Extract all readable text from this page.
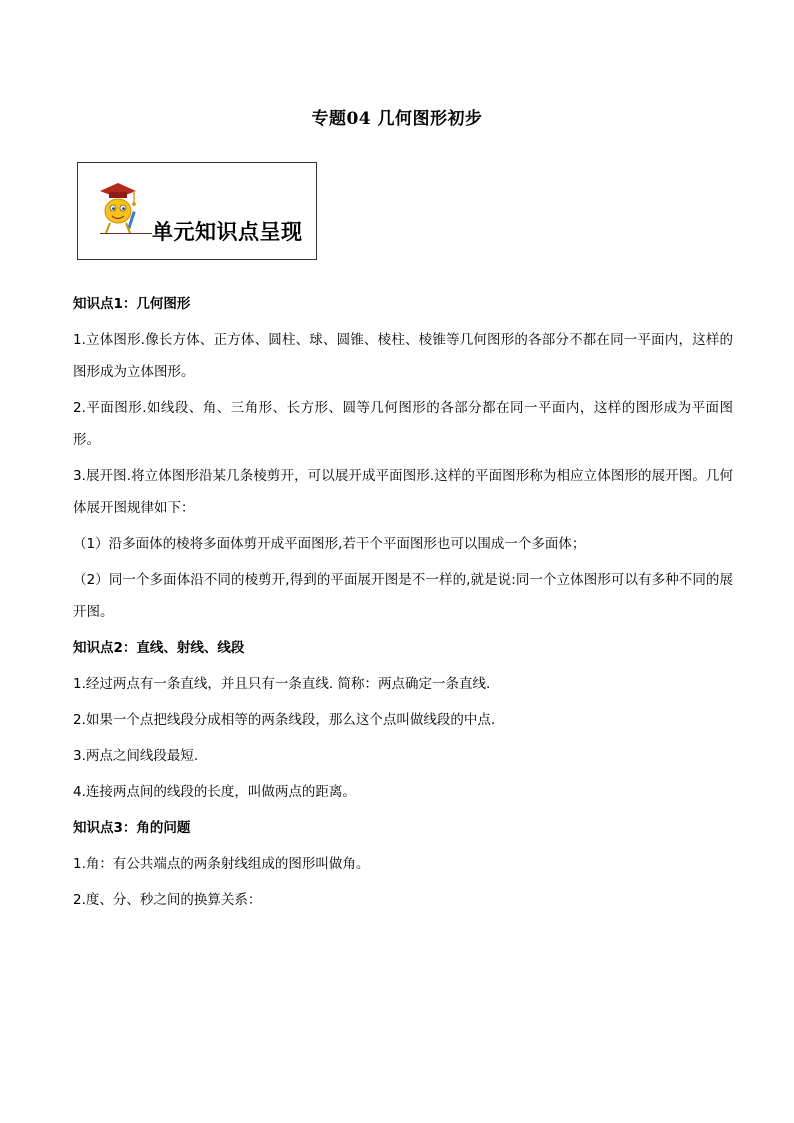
专题04 几何图形初步
单元知识点呈现
知识点1：几何图形
1.立体图形.像长方体、正方体、圆柱、球、圆锥、棱柱、棱锥等几何图形的各部分不都在同一平面内，这样的图形成为立体图形。
2.平面图形.如线段、角、三角形、长方形、圆等几何图形的各部分都在同一平面内，这样的图形成为平面图形。
3.展开图.将立体图形沿某几条棱剪开，可以展开成平面图形.这样的平面图形称为相应立体图形的展开图。几何体展开图规律如下：
（1）沿多面体的棱将多面体剪开成平面图形,若干个平面图形也可以围成一个多面体；
（2）同一个多面体沿不同的棱剪开,得到的平面展开图是不一样的,就是说:同一个立体图形可以有多种不同的展开图。
知识点2：直线、射线、线段
1.经过两点有一条直线，并且只有一条直线. 简称：两点确定一条直线.
2.如果一个点把线段分成相等的两条线段，那么这个点叫做线段的中点.
3.两点之间线段最短.
4.连接两点间的线段的长度，叫做两点的距离。
知识点3：角的问题
1.角：有公共端点的两条射线组成的图形叫做角。
2.度、分、秒之间的换算关系：
